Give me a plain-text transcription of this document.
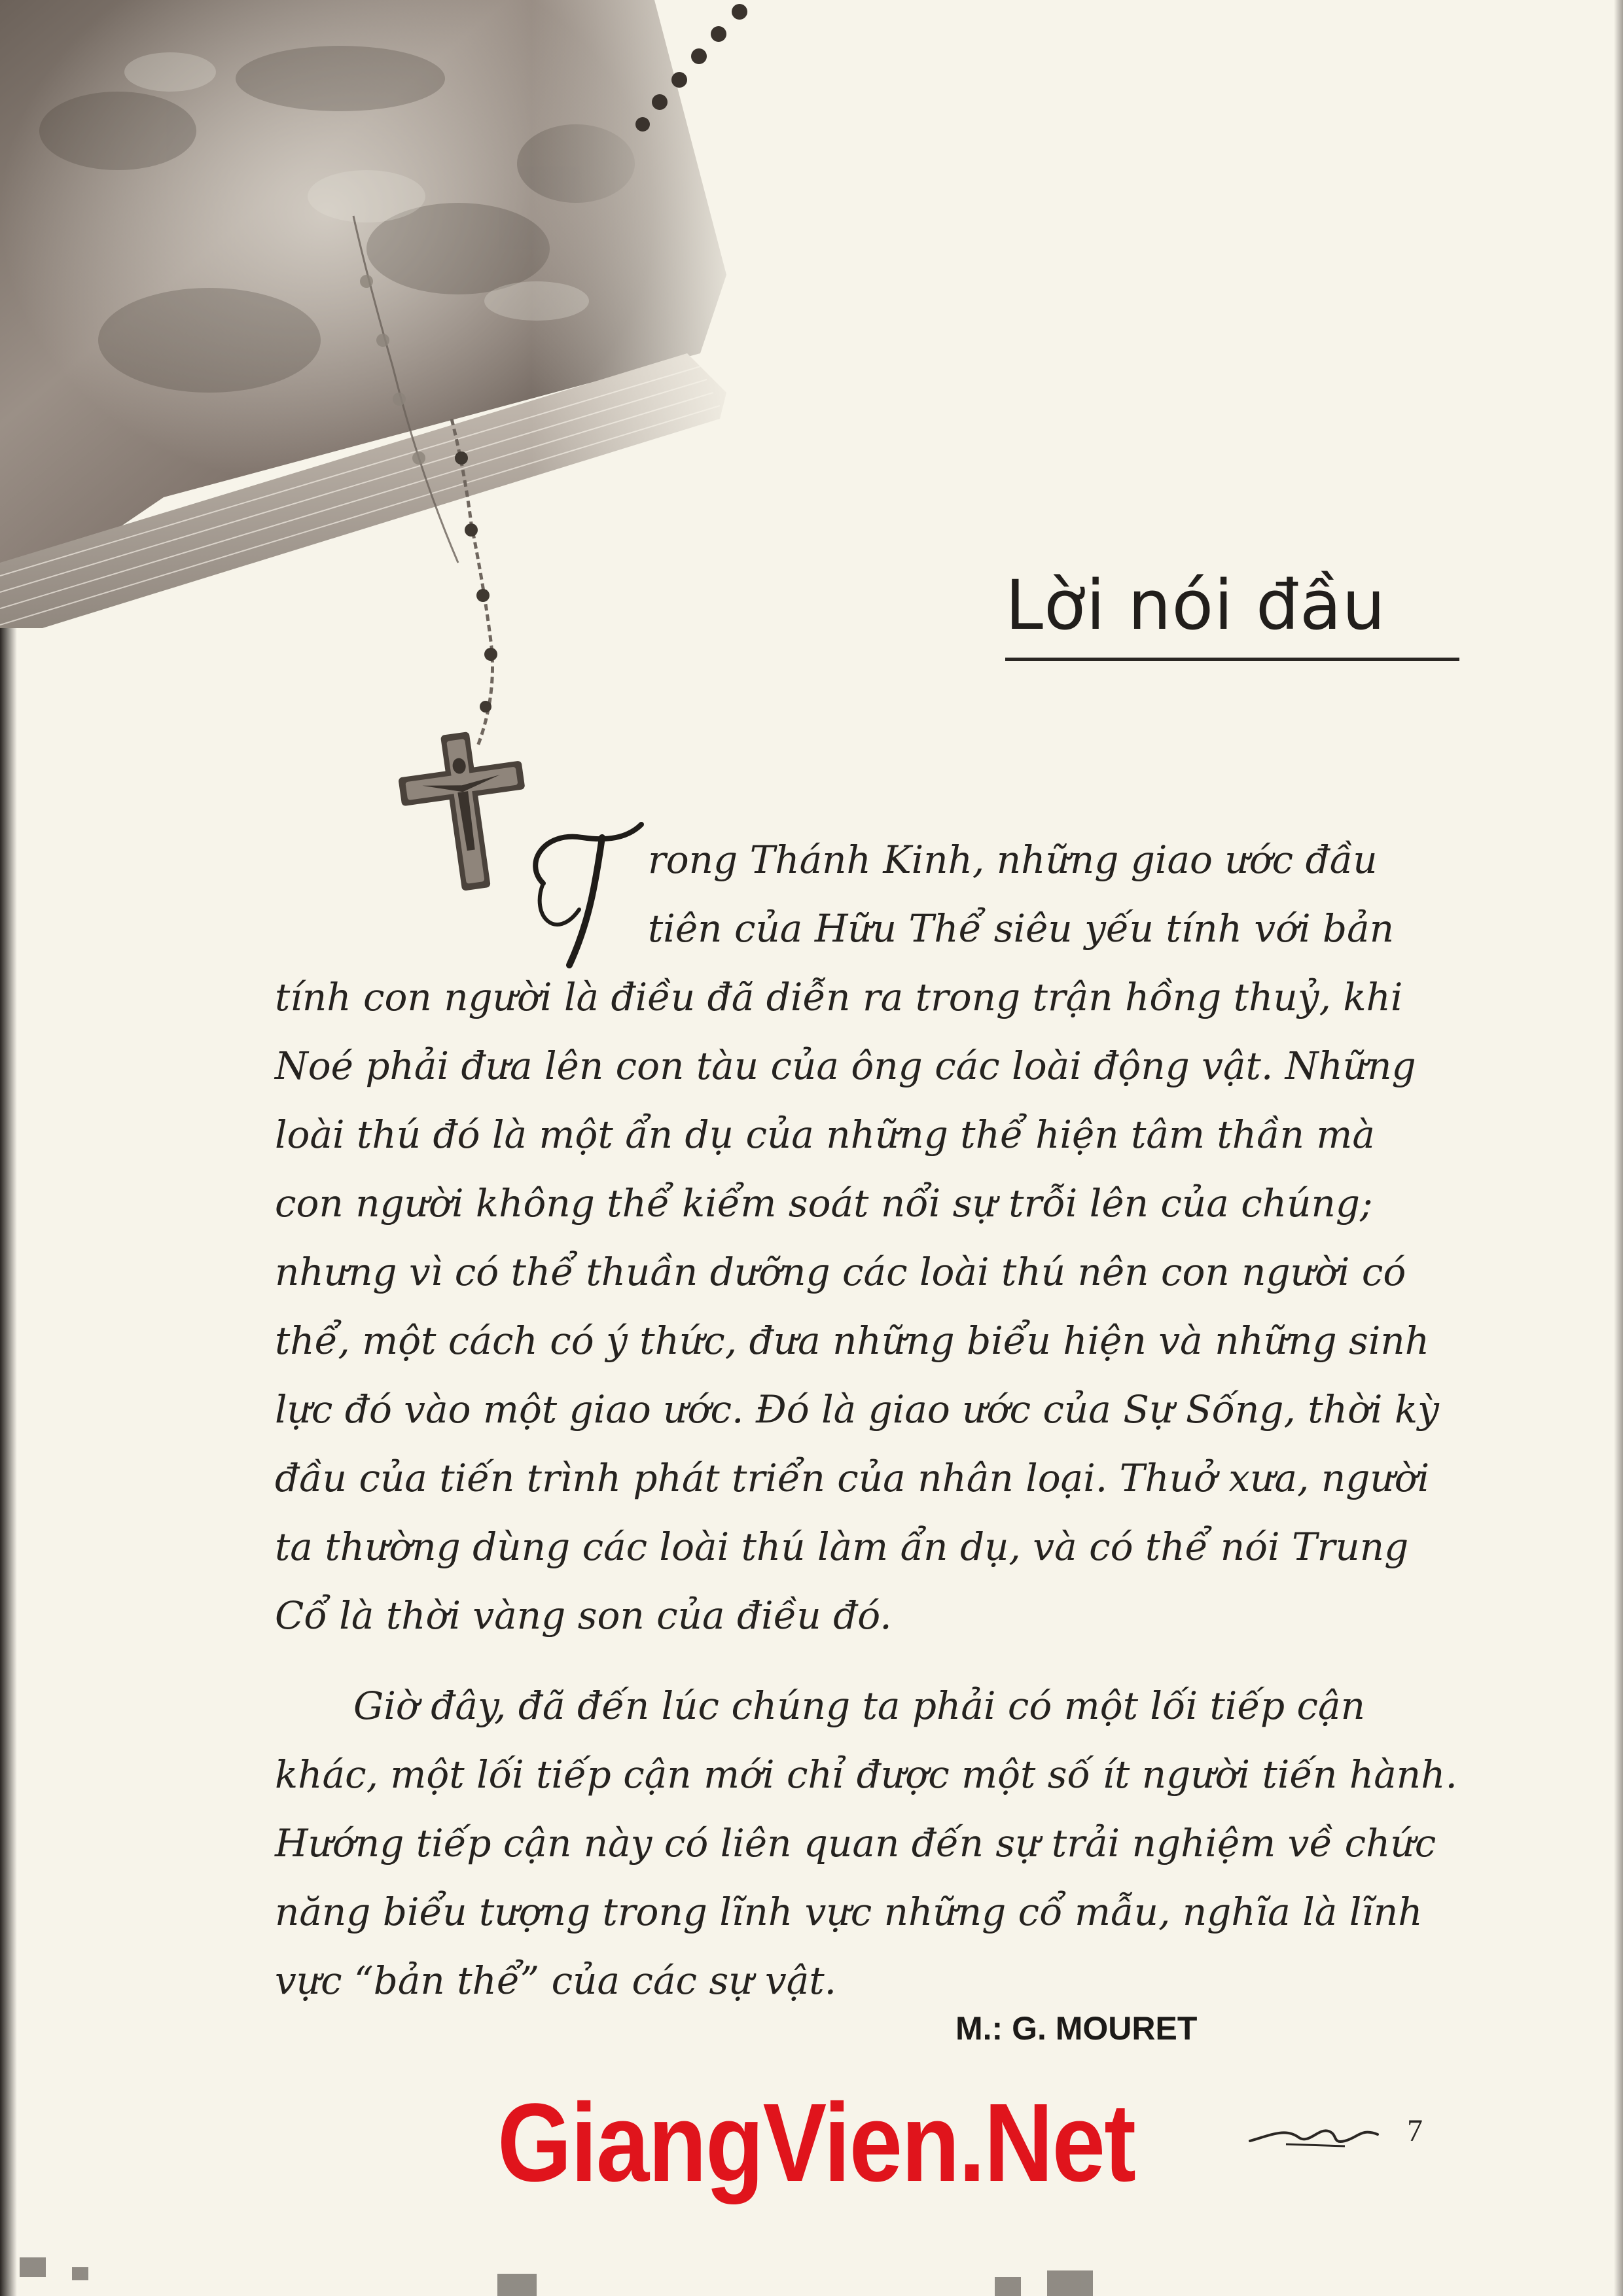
Lời nói đầu
rong Thánh Kinh, những giao ước đầu
tiên của Hữu Thể siêu yếu tính với bản
tính con người là điều đã diễn ra trong trận hồng thuỷ, khi
Noé phải đưa lên con tàu của ông các loài động vật. Những
loài thú đó là một ẩn dụ của những thể hiện tâm thần mà
con người không thể kiểm soát nổi sự trỗi lên của chúng;
nhưng vì có thể thuần dưỡng các loài thú nên con người có
thể, một cách có ý thức, đưa những biểu hiện và những sinh
lực đó vào một giao ước. Đó là giao ước của Sự Sống, thời kỳ
đầu của tiến trình phát triển của nhân loại. Thuở xưa, người
ta thường dùng các loài thú làm ẩn dụ, và có thể nói Trung
Cổ là thời vàng son của điều đó.
Giờ đây, đã đến lúc chúng ta phải có một lối tiếp cận
khác, một lối tiếp cận mới chỉ được một số ít người tiến hành.
Hướng tiếp cận này có liên quan đến sự trải nghiệm về chức
năng biểu tượng trong lĩnh vực những cổ mẫu, nghĩa là lĩnh
vực “bản thể” của các sự vật.
M.: G. MOURET
GiangVien.Net	7
